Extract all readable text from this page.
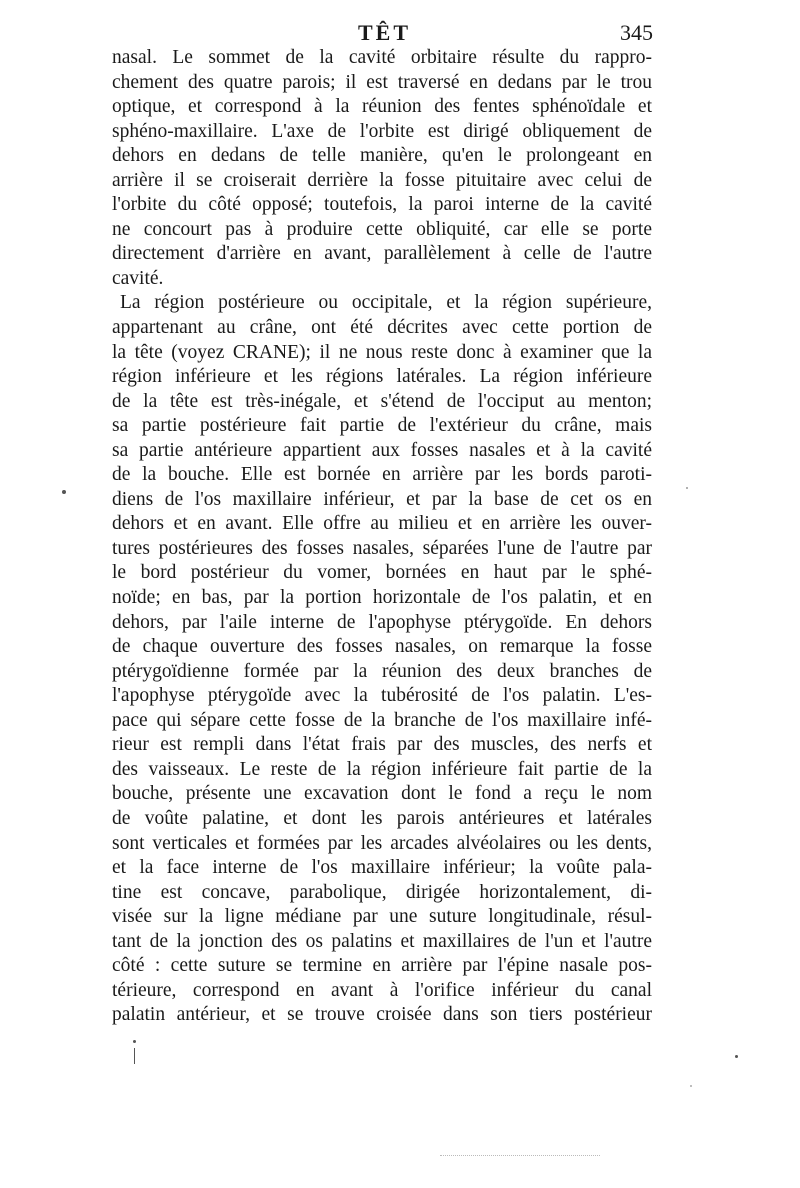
TÊT	345
nasal. Le sommet de la cavité orbitaire résulte du rappro-
chement des quatre parois; il est traversé en dedans par le trou
optique, et correspond à la réunion des fentes sphénoïdale et
sphéno-maxillaire. L'axe de l'orbite est dirigé obliquement de
dehors en dedans de telle manière, qu'en le prolongeant en
arrière il se croiserait derrière la fosse pituitaire avec celui de
l'orbite du côté opposé; toutefois, la paroi interne de la cavité
ne concourt pas à produire cette obliquité, car elle se porte
directement d'arrière en avant, parallèlement à celle de l'autre
cavité.
La région postérieure ou occipitale, et la région supérieure,
appartenant au crâne, ont été décrites avec cette portion de
la tête (voyez CRANE); il ne nous reste donc à examiner que la
région inférieure et les régions latérales. La région inférieure
de la tête est très-inégale, et s'étend de l'occiput au menton;
sa partie postérieure fait partie de l'extérieur du crâne, mais
sa partie antérieure appartient aux fosses nasales et à la cavité
de la bouche. Elle est bornée en arrière par les bords paroti-
diens de l'os maxillaire inférieur, et par la base de cet os en
dehors et en avant. Elle offre au milieu et en arrière les ouver-
tures postérieures des fosses nasales, séparées l'une de l'autre par
le bord postérieur du vomer, bornées en haut par le sphé-
noïde; en bas, par la portion horizontale de l'os palatin, et en
dehors, par l'aile interne de l'apophyse ptérygoïde. En dehors
de chaque ouverture des fosses nasales, on remarque la fosse
ptérygoïdienne formée par la réunion des deux branches de
l'apophyse ptérygoïde avec la tubérosité de l'os palatin. L'es-
pace qui sépare cette fosse de la branche de l'os maxillaire infé-
rieur est rempli dans l'état frais par des muscles, des nerfs et
des vaisseaux. Le reste de la région inférieure fait partie de la
bouche, présente une excavation dont le fond a reçu le nom
de voûte palatine, et dont les parois antérieures et latérales
sont verticales et formées par les arcades alvéolaires ou les dents,
et la face interne de l'os maxillaire inférieur; la voûte pala-
tine est concave, parabolique, dirigée horizontalement, di-
visée sur la ligne médiane par une suture longitudinale, résul-
tant de la jonction des os palatins et maxillaires de l'un et l'autre
côté : cette suture se termine en arrière par l'épine nasale pos-
térieure, correspond en avant à l'orifice inférieur du canal
palatin antérieur, et se trouve croisée dans son tiers postérieur
